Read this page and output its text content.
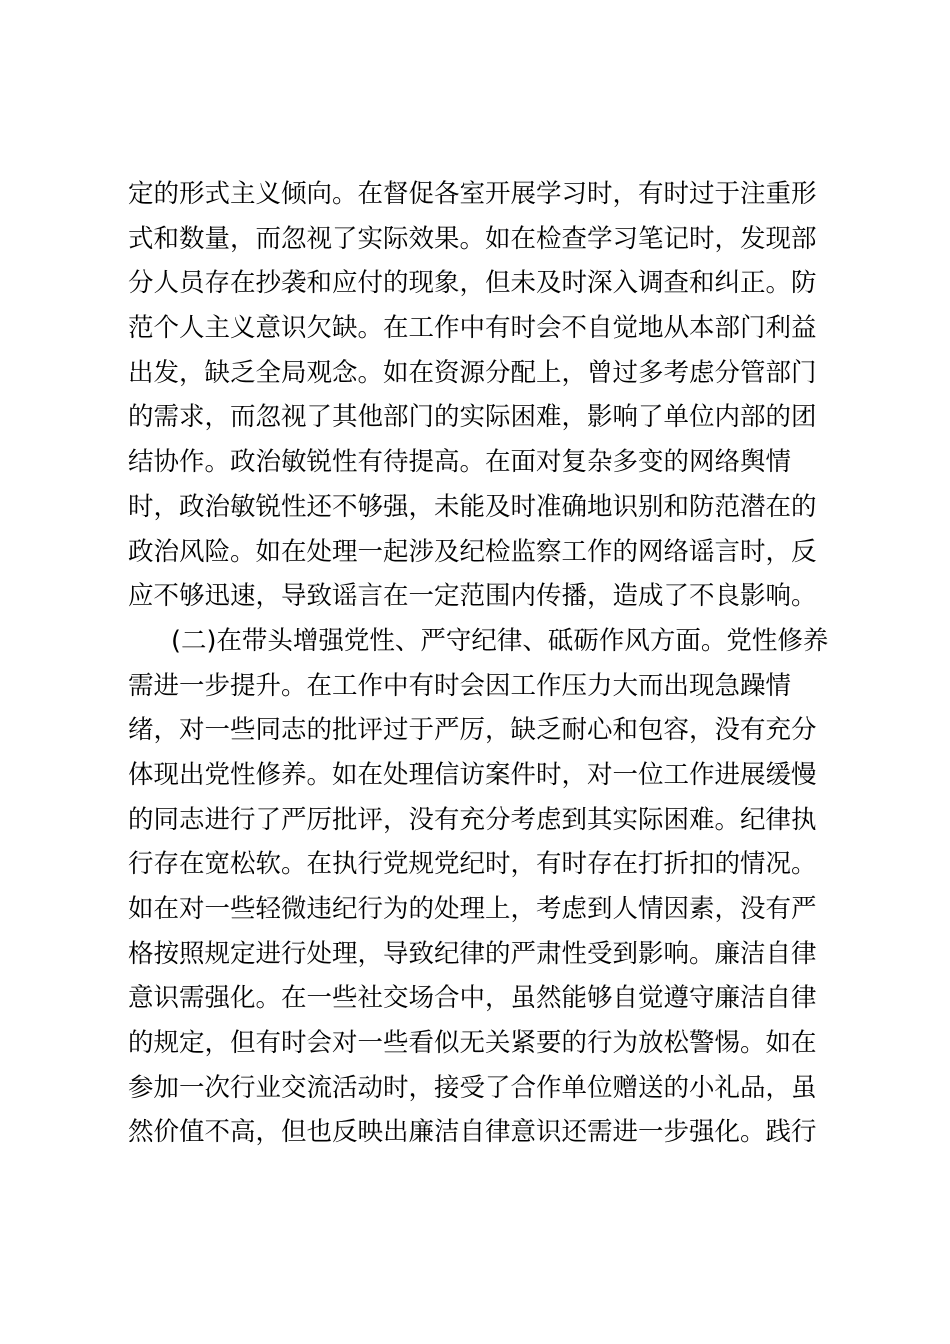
定的形式主义倾向。在督促各室开展学习时，有时过于注重形
式和数量，而忽视了实际效果。如在检查学习笔记时，发现部
分人员存在抄袭和应付的现象，但未及时深入调查和纠正。防
范个人主义意识欠缺。在工作中有时会不自觉地从本部门利益
出发，缺乏全局观念。如在资源分配上，曾过多考虑分管部门
的需求，而忽视了其他部门的实际困难，影响了单位内部的团
结协作。政治敏锐性有待提高。在面对复杂多变的网络舆情
时，政治敏锐性还不够强，未能及时准确地识别和防范潜在的
政治风险。如在处理一起涉及纪检监察工作的网络谣言时，反
应不够迅速，导致谣言在一定范围内传播，造成了不良影响。
(二)在带头增强党性、严守纪律、砥砺作风方面。党性修养
需进一步提升。在工作中有时会因工作压力大而出现急躁情
绪，对一些同志的批评过于严厉，缺乏耐心和包容，没有充分
体现出党性修养。如在处理信访案件时，对一位工作进展缓慢
的同志进行了严厉批评，没有充分考虑到其实际困难。纪律执
行存在宽松软。在执行党规党纪时，有时存在打折扣的情况。
如在对一些轻微违纪行为的处理上，考虑到人情因素，没有严
格按照规定进行处理，导致纪律的严肃性受到影响。廉洁自律
意识需强化。在一些社交场合中，虽然能够自觉遵守廉洁自律
的规定，但有时会对一些看似无关紧要的行为放松警惕。如在
参加一次行业交流活动时，接受了合作单位赠送的小礼品，虽
然价值不高，但也反映出廉洁自律意识还需进一步强化。践行
